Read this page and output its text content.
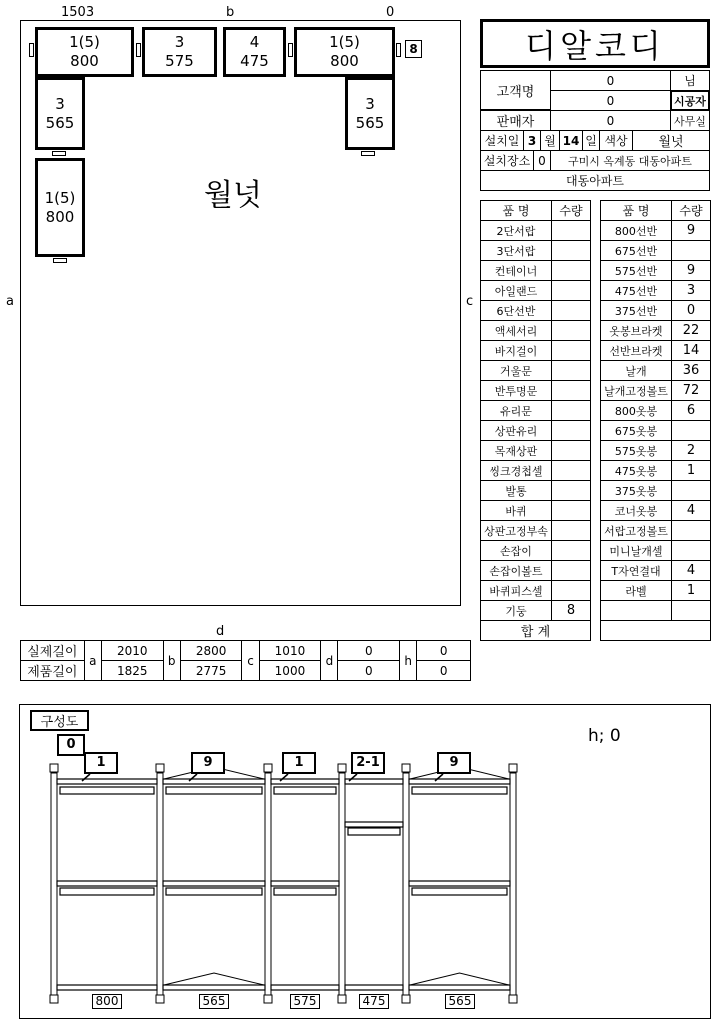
1503	b	0
a	c
d
1(5)
800
3
575
4
475
1(5)
800
8
3
565
3
565
1(5)
800
월넛
디알코디
고객명
0	님
0	시공자
판매자	0	사무실
설치일 3 월 14 일 색상	월넛
설치장소 0	구미시 옥계동 대동아파트
대동아파트
품 명	수량
2단서랍	
3단서랍	
컨테이너	
아일랜드	
6단선반	
액세서리	
바지걸이	
거울문	
반투명문	
유리문	
상판유리	
목재상판	
씽크경첩셀	
발통	
바퀴	
상판고정부속	
손잡이	
손잡이볼트	
바퀴피스셀	
기둥	8
합 계	
품 명	수량
800선반	9
675선반	
575선반	9
475선반	3
375선반	0
옷봉브라켓	22
선반브라켓	14
날개	36
날개고정볼트	72
800옷봉	6
675옷봉	
575옷봉	2
475옷봉	1
375옷봉	
코너옷봉	4
서랍고정볼트	
미니날개셀	
T자연결대	4
라벨	1

실제길이	a	2010	b	2800	c	1010	d	0	h	0
제품길이		1825		2775		1000		0		0
구성도
h; 0
0
1
800
9
565
1
575
2-1
475
9
565
